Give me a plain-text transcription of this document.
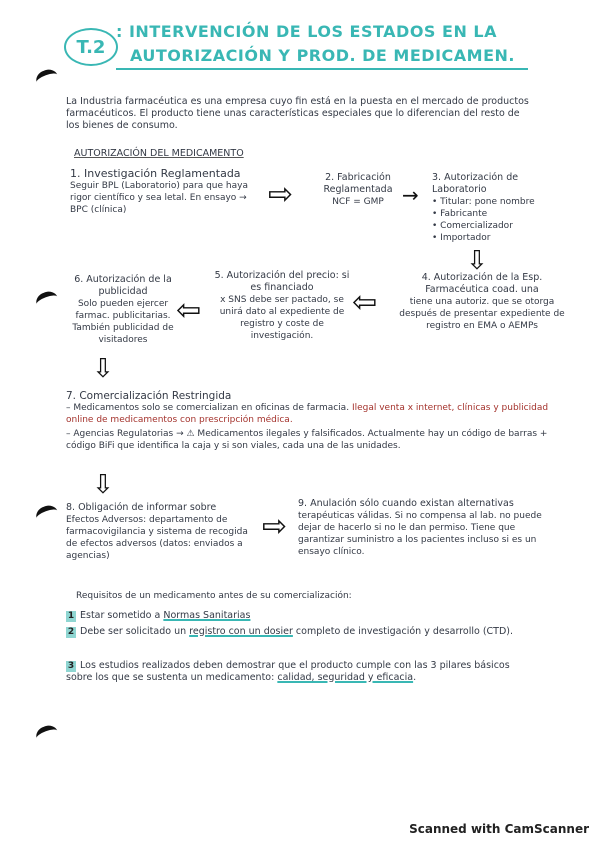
T.2
: INTERVENCIÓN DE LOS ESTADOS EN LA
AUTORIZACIÓN Y PROD. DE MEDICAMEN.
La Industria farmacéutica es una empresa cuyo fin está en la puesta en el mercado de productos farmacéuticos. El producto tiene unas características especiales que lo diferencian del resto de los bienes de consumo.
AUTORIZACIÓN DEL MEDICAMENTO
1. Investigación Reglamentada
Seguir BPL (Laboratorio) para que haya rigor científico y sea letal. En ensayo → BPC (clínica)	⇨	2. Fabricación Reglamentada
NCF = GMP →
3. Autorización de Laboratorio
• Titular: pone nombre
• Fabricante
• Comercializador
• Importador
⇩
4. Autorización de la Esp. Farmacéutica coad. una
tiene una autoriz. que se otorga después de presentar expediente de registro en EMA o AEMPs
⇦
5. Autorización del precio: si es financiado
x SNS debe ser pactado, se unirá dato al expediente de registro y coste de investigación.
⇦
6. Autorización de la publicidad
Solo pueden ejercer farmac. publicitarias. También publicidad de visitadores
⇩
7. Comercialización Restringida
– Medicamentos solo se comercializan en oficinas de farmacia. Ilegal venta x internet, clínicas y publicidad online de medicamentos con prescripción médica.
– Agencias Regulatorias → ⚠ Medicamentos ilegales y falsificados. Actualmente hay un código de barras + código BiFi que identifica la caja y si son viales, cada una de las unidades.
⇩
8. Obligación de informar sobre
Efectos Adversos: departamento de farmacovigilancia y sistema de recogida de efectos adversos (datos: enviados a agencias)
⇨
9. Anulación sólo cuando existan alternativas
terapéuticas válidas. Si no compensa al lab. no puede dejar de hacerlo si no le dan permiso. Tiene que garantizar suministro a los pacientes incluso si es un ensayo clínico.
Requisitos de un medicamento antes de su comercialización:
1 Estar sometido a Normas Sanitarias
2 Debe ser solicitado un registro con un dosier completo de investigación y desarrollo (CTD).
3 Los estudios realizados deben demostrar que el producto cumple con las 3 pilares básicos sobre los que se sustenta un medicamento: calidad, seguridad y eficacia.
Scanned with CamScanner
